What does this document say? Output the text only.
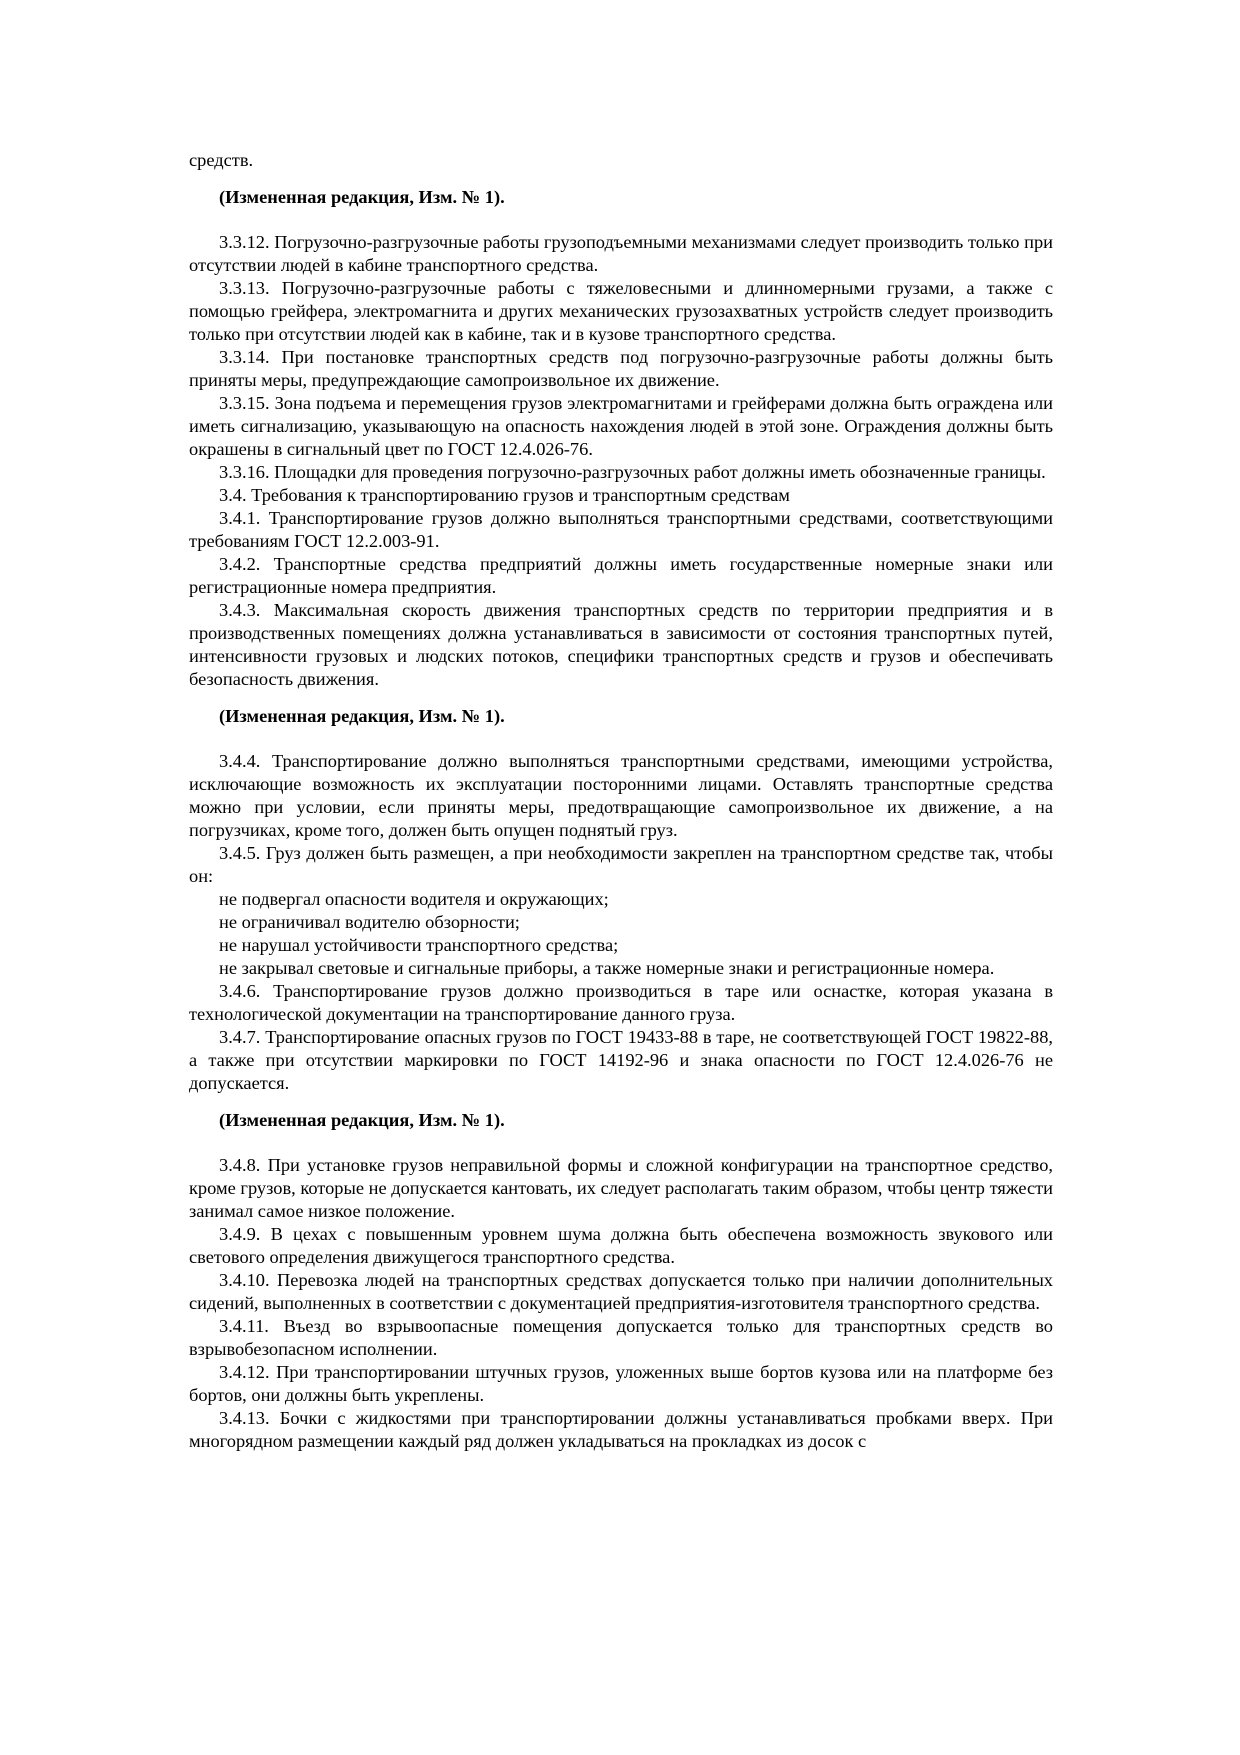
средств.

(Измененная редакция, Изм. № 1).

3.3.12. Погрузочно-разгрузочные работы грузоподъемными механизмами следует производить только при отсутствии людей в кабине транспортного средства.

3.3.13. Погрузочно-разгрузочные работы с тяжеловесными и длинномерными грузами, а также с помощью грейфера, электромагнита и других механических грузозахватных устройств следует производить только при отсутствии людей как в кабине, так и в кузове транспортного средства.

3.3.14. При постановке транспортных средств под погрузочно-разгрузочные работы должны быть приняты меры, предупреждающие самопроизвольное их движение.

3.3.15. Зона подъема и перемещения грузов электромагнитами и грейферами должна быть ограждена или иметь сигнализацию, указывающую на опасность нахождения людей в этой зоне. Ограждения должны быть окрашены в сигнальный цвет по ГОСТ 12.4.026-76.

3.3.16. Площадки для проведения погрузочно-разгрузочных работ должны иметь обозначенные границы.

3.4. Требования к транспортированию грузов и транспортным средствам

3.4.1. Транспортирование грузов должно выполняться транспортными средствами, соответствующими требованиям ГОСТ 12.2.003-91.

3.4.2. Транспортные средства предприятий должны иметь государственные номерные знаки или регистрационные номера предприятия.

3.4.3. Максимальная скорость движения транспортных средств по территории предприятия и в производственных помещениях должна устанавливаться в зависимости от состояния транспортных путей, интенсивности грузовых и людских потоков, специфики транспортных средств и грузов и обеспечивать безопасность движения.

(Измененная редакция, Изм. № 1).

3.4.4. Транспортирование должно выполняться транспортными средствами, имеющими устройства, исключающие возможность их эксплуатации посторонними лицами. Оставлять транспортные средства можно при условии, если приняты меры, предотвращающие самопроизвольное их движение, а на погрузчиках, кроме того, должен быть опущен поднятый груз.

3.4.5. Груз должен быть размещен, а при необходимости закреплен на транспортном средстве так, чтобы он:

не подвергал опасности водителя и окружающих;

не ограничивал водителю обзорности;

не нарушал устойчивости транспортного средства;

не закрывал световые и сигнальные приборы, а также номерные знаки и регистрационные номера.

3.4.6. Транспортирование грузов должно производиться в таре или оснастке, которая указана в технологической документации на транспортирование данного груза.

3.4.7. Транспортирование опасных грузов по ГОСТ 19433-88 в таре, не соответствующей ГОСТ 19822-88, а также при отсутствии маркировки по ГОСТ 14192-96 и знака опасности по ГОСТ 12.4.026-76 не допускается.

(Измененная редакция, Изм. № 1).

3.4.8. При установке грузов неправильной формы и сложной конфигурации на транспортное средство, кроме грузов, которые не допускается кантовать, их следует располагать таким образом, чтобы центр тяжести занимал самое низкое положение.

3.4.9. В цехах с повышенным уровнем шума должна быть обеспечена возможность звукового или светового определения движущегося транспортного средства.

3.4.10. Перевозка людей на транспортных средствах допускается только при наличии дополнительных сидений, выполненных в соответствии с документацией предприятия-изготовителя транспортного средства.

3.4.11. Въезд во взрывоопасные помещения допускается только для транспортных средств во взрывобезопасном исполнении.

3.4.12. При транспортировании штучных грузов, уложенных выше бортов кузова или на платформе без бортов, они должны быть укреплены.

3.4.13. Бочки с жидкостями при транспортировании должны устанавливаться пробками вверх. При многорядном размещении каждый ряд должен укладываться на прокладках из досок с
